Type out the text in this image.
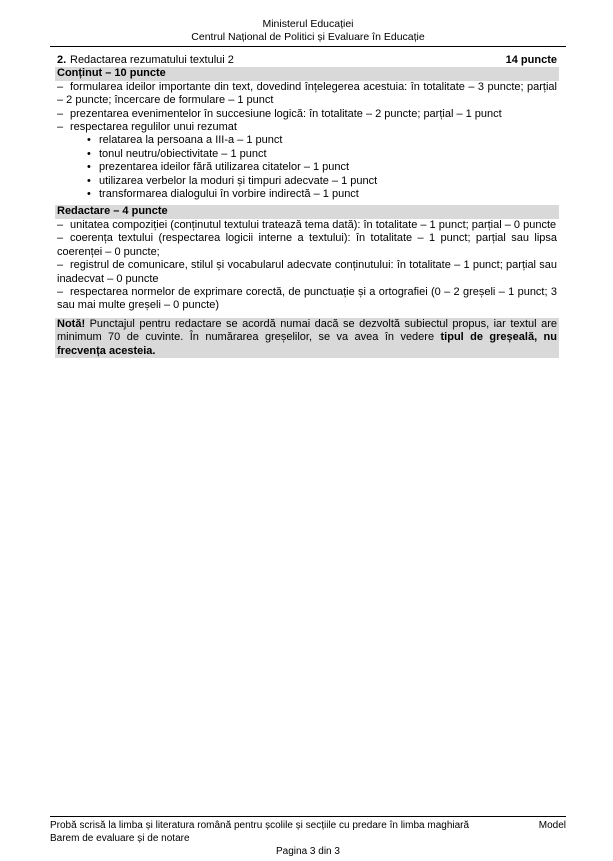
Ministerul Educației
Centrul Național de Politici și Evaluare în Educație
2. Redactarea rezumatului textului 2	14 puncte
Conținut – 10 puncte

– formularea ideilor importante din text, dovedind înțelegerea acestuia: în totalitate – 3 puncte; parțial – 2 puncte; încercare de formulare – 1 punct

– prezentarea evenimentelor în succesiune logică: în totalitate – 2 puncte; parțial – 1 punct

– respectarea regulilor unui rezumat

• relatarea la persoana a III-a – 1 punct

• tonul neutru/obiectivitate – 1 punct

• prezentarea ideilor fără utilizarea citatelor – 1 punct

• utilizarea verbelor la moduri și timpuri adecvate – 1 punct

• transformarea dialogului în vorbire indirectă – 1 punct

Redactare – 4 puncte

– unitatea compoziției (conținutul textului tratează tema dată): în totalitate – 1 punct; parțial – 0 puncte

– coerența textului (respectarea logicii interne a textului): în totalitate – 1 punct; parțial sau lipsa coerenței – 0 puncte;

– registrul de comunicare, stilul și vocabularul adecvate conținutului: în totalitate – 1 punct; parțial sau inadecvat – 0 puncte

– respectarea normelor de exprimare corectă, de punctuație și a ortografiei (0 – 2 greșeli – 1 punct; 3 sau mai multe greșeli – 0 puncte)

Notă! Punctajul pentru redactare se acordă numai dacă se dezvoltă subiectul propus, iar textul are minimum 70 de cuvinte. În numărarea greșelilor, se va avea în vedere tipul de greșeală, nu frecvența acesteia.
Probă scrisă la limba și literatura română pentru școlile și secțiile cu predare în limba maghiară	Model
Barem de evaluare și de notare
Pagina 3 din 3
